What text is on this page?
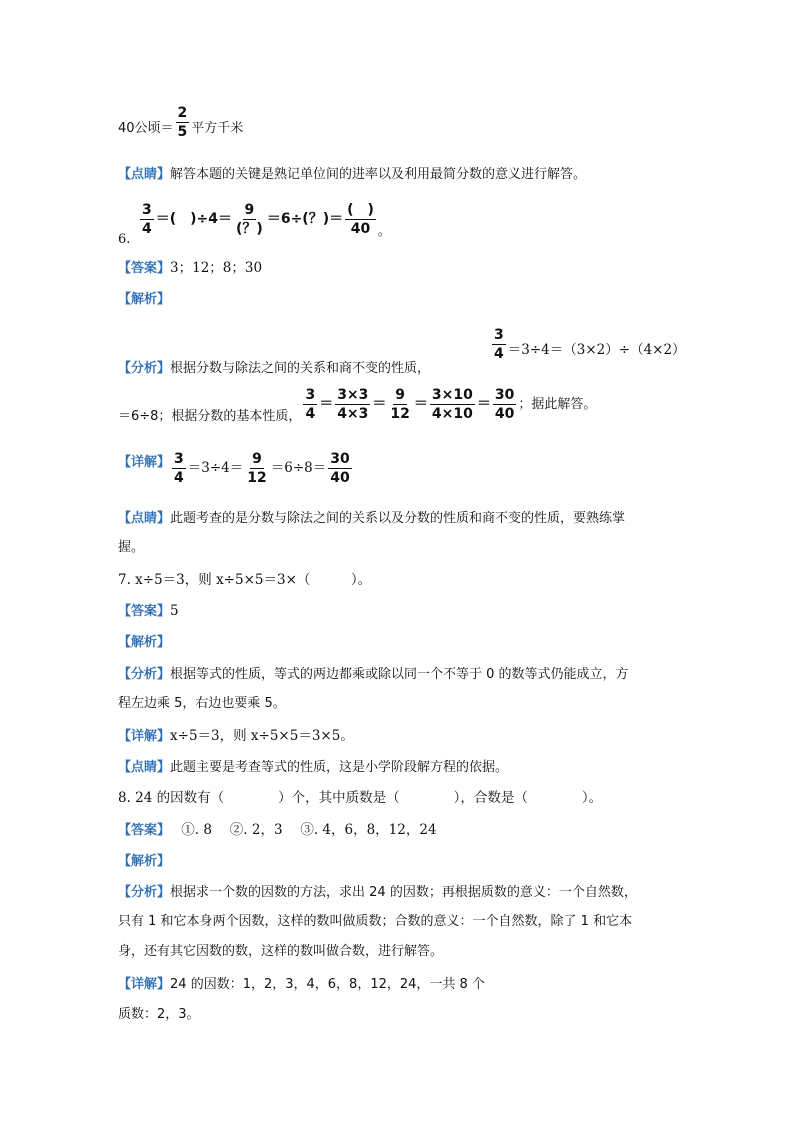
40公顷＝ $\frac{2}{5}$ 平方千米
【点睛】解答本题的关键是熟记单位间的进率以及利用最简分数的意义进行解答。
6.
$\frac{3}{4}$ ＝(　)$\div 4= \frac{9}{(?)} =6\div$(？)＝ $\frac{( )}{40}$ 。
【答案】3；12；8；30
【解析】
【分析】根据分数与除法之间的关系和商不变的性质，
$\frac{3}{4} =3\div 4=(3\times 2)\div(4\times 2)$
＝6÷8；根据分数的基本性质， $\frac{3}{4} = \frac{3\times 3}{4\times 3} = \frac{9}{12} = \frac{3\times 10}{4\times 10} = \frac{30}{40}$ ；据此解答。
【详解】 $\frac{3}{4} =3\div 4= \frac{9}{12} =6\div 8= \frac{30}{40}$
【点睛】此题考查的是分数与除法之间的关系以及分数的性质和商不变的性质，要熟练掌
握。
7. x÷5＝3，则 x÷5×5＝3×（　　　）。
【答案】5
【解析】
【分析】根据等式的性质，等式的两边都乘或除以同一个不等于 0 的数等式仍能成立，方
程左边乘 5，右边也要乘 5。
【详解】x÷5＝3，则 x÷5×5＝3×5。
【点睛】此题主要是考查等式的性质，这是小学阶段解方程的依据。
8. 24 的因数有（　　　　）个，其中质数是（　　　　），合数是（　　　　）。
【答案】　 ①. 8　 ②. 2，3　 ③. 4，6，8，12，24
【解析】
【分析】根据求一个数的因数的方法，求出 24 的因数；再根据质数的意义：一个自然数，
只有 1 和它本身两个因数，这样的数叫做质数；合数的意义：一个自然数，除了 1 和它本
身，还有其它因数的数，这样的数叫做合数，进行解答。
【详解】24 的因数：1，2，3，4，6，8，12，24，一共 8 个
质数：2，3。
